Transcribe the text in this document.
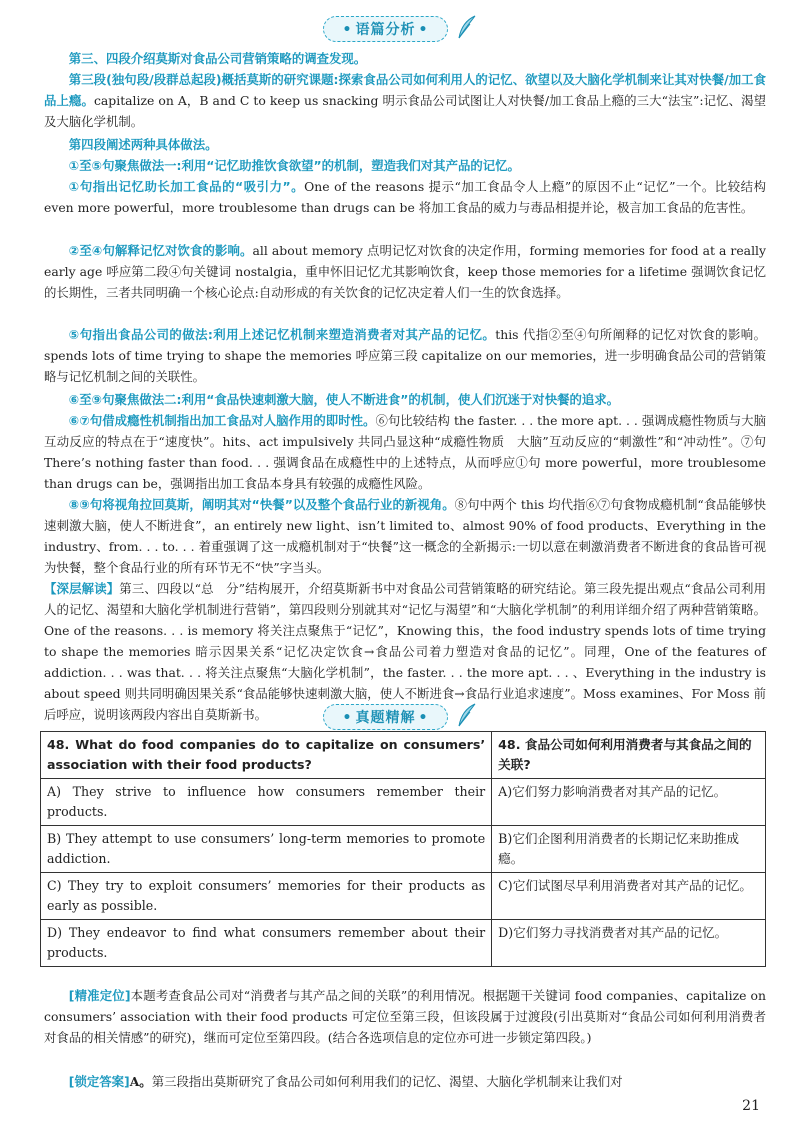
• 语篇分析 •
第三、四段介绍莫斯对食品公司营销策略的调查发现。
第三段(独句段/段群总起段)概括莫斯的研究课题:探索食品公司如何利用人的记忆、欲望以及大脑化学机制来让其对快餐/加工食品上瘾。capitalize on A，B and C to keep us snacking 明示食品公司试图让人对快餐/加工食品上瘾的三大“法宝”:记忆、渴望及大脑化学机制。
第四段阐述两种具体做法。
①至⑤句聚焦做法一:利用“记忆助推饮食欲望”的机制，塑造我们对其产品的记忆。
①句指出记忆助长加工食品的“吸引力”。One of the reasons 提示“加工食品令人上瘾”的原因不止“记忆”一个。比较结构 even more powerful，more troublesome than drugs can be 将加工食品的威力与毒品相提并论，极言加工食品的危害性。
②至④句解释记忆对饮食的影响。all about memory 点明记忆对饮食的决定作用，forming memories for food at a really early age 呼应第二段④句关键词 nostalgia，重申怀旧记忆尤其影响饮食，keep those memories for a lifetime 强调饮食记忆的长期性，三者共同明确一个核心论点:自动形成的有关饮食的记忆决定着人们一生的饮食选择。
⑤句指出食品公司的做法:利用上述记忆机制来塑造消费者对其产品的记忆。this 代指②至④句所阐释的记忆对饮食的影响。spends lots of time trying to shape the memories 呼应第三段 capitalize on our memories，进一步明确食品公司的营销策略与记忆机制之间的关联性。
⑥至⑨句聚焦做法二:利用“食品快速刺激大脑，使人不断进食”的机制，使人们沉迷于对快餐的追求。
⑥⑦句借成瘾性机制指出加工食品对人脑作用的即时性。⑥句比较结构 the faster. . . the more apt. . . 强调成瘾性物质与大脑互动反应的特点在于“速度快”。hits、act impulsively 共同凸显这种“成瘾性物质　大脑”互动反应的“刺激性”和“冲动性”。⑦句 There’s nothing faster than food. . . 强调食品在成瘾性中的上述特点，从而呼应①句 more powerful，more troublesome than drugs can be，强调指出加工食品本身具有较强的成瘾性风险。
⑧⑨句将视角拉回莫斯，阐明其对“快餐”以及整个食品行业的新视角。⑧句中两个 this 均代指⑥⑦句食物成瘾机制“食品能够快速刺激大脑，使人不断进食”，an entirely new light、isn’t limited to、almost 90% of food products、Everything in the industry、from. . . to. . . 着重强调了这一成瘾机制对于“快餐”这一概念的全新揭示:一切以意在刺激消费者不断进食的食品皆可视为快餐，整个食品行业的所有环节无不“快”字当头。
【深层解读】第三、四段以“总　分”结构展开，介绍莫斯新书中对食品公司营销策略的研究结论。第三段先提出观点“食品公司利用人的记忆、渴望和大脑化学机制进行营销”，第四段则分别就其对“记忆与渴望”和“大脑化学机制”的利用详细介绍了两种营销策略。One of the reasons. . . is memory 将关注点聚焦于“记忆”，Knowing this，the food industry spends lots of time trying to shape the memories 暗示因果关系“记忆决定饮食→食品公司着力塑造对食品的记忆”。同理，One of the features of addiction. . . was that. . . 将关注点聚焦“大脑化学机制”，the faster. . . the more apt. . . 、Everything in the industry is about speed 则共同明确因果关系“食品能够快速刺激大脑，使人不断进食→食品行业追求速度”。Moss examines、For Moss 前后呼应，说明该两段内容出自莫斯新书。	• 真题精解 •
48. What do food companies do to capitalize on consumers’ association with their food products?	48. 食品公司如何利用消费者与其食品之间的关联?
A) They strive to influence how consumers remember their products.	A)它们努力影响消费者对其产品的记忆。
B) They attempt to use consumers’ long-term memories to promote addiction.	B)它们企图利用消费者的长期记忆来助推成瘾。
C) They try to exploit consumers’ memories for their products as early as possible.	C)它们试图尽早利用消费者对其产品的记忆。
D) They endeavor to find what consumers remember about their products.	D)它们努力寻找消费者对其产品的记忆。
[精准定位]本题考查食品公司对“消费者与其产品之间的关联”的利用情况。根据题干关键词 food companies、capitalize on consumers’ association with their food products 可定位至第三段，但该段属于过渡段(引出莫斯对“食品公司如何利用消费者对食品的相关情感”的研究)，继而可定位至第四段。(结合各选项信息的定位亦可进一步锁定第四段。)
[锁定答案]A。第三段指出莫斯研究了食品公司如何利用我们的记忆、渴望、大脑化学机制来让我们对
21
